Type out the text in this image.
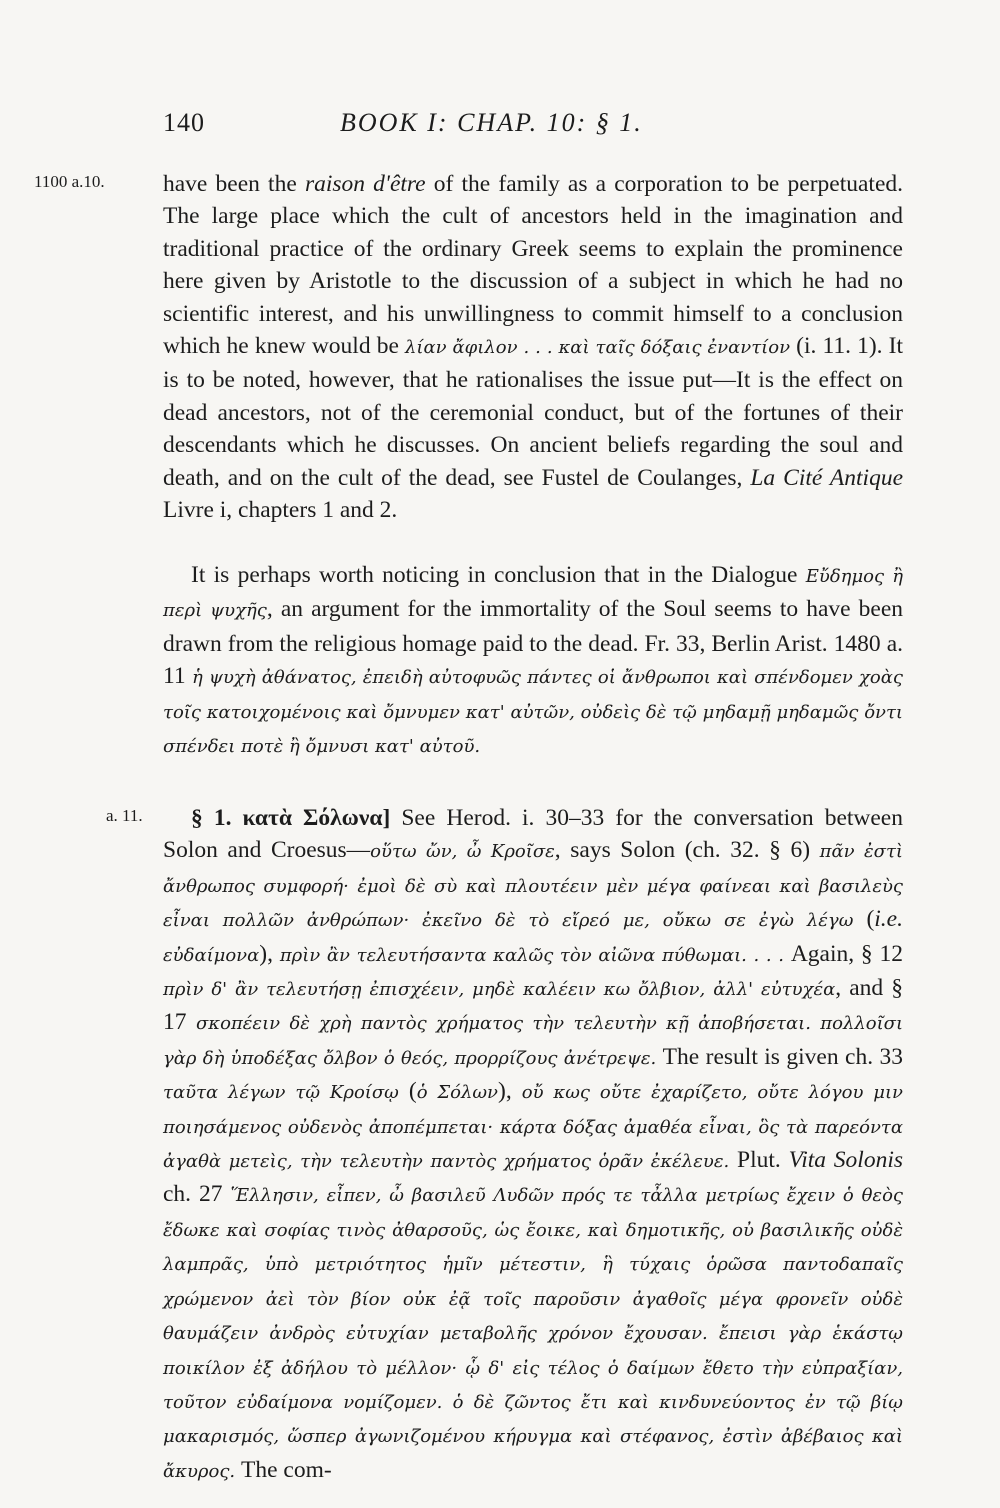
140	BOOK I: CHAP. 10: § 1.
1100 a.10.
a. 11.

have been the raison d'être of the family as a corporation to be perpetuated. The large place which the cult of ancestors held in the imagination and traditional practice of the ordinary Greek seems to explain the prominence here given by Aristotle to the discussion of a subject in which he had no scientific interest, and his unwillingness to commit himself to a conclusion which he knew would be λίαν ἄφιλον . . . καὶ ταῖς δόξαις ἐναντίον (i. 11. 1). It is to be noted, however, that he rationalises the issue put—It is the effect on dead ancestors, not of the ceremonial conduct, but of the fortunes of their descendants which he discusses. On ancient beliefs regarding the soul and death, and on the cult of the dead, see Fustel de Coulanges, La Cité Antique Livre i, chapters 1 and 2.

It is perhaps worth noticing in conclusion that in the Dialogue Εὔδημος ἢ περὶ ψυχῆς, an argument for the immortality of the Soul seems to have been drawn from the religious homage paid to the dead. Fr. 33, Berlin Arist. 1480 a. 11 ἡ ψυχὴ ἀθάνατος, ἐπειδὴ αὐτοφυῶς πάντες οἱ ἄνθρωποι καὶ σπένδομεν χοὰς τοῖς κατοιχομένοις καὶ ὄμνυμεν κατ' αὐτῶν, οὐδεὶς δὲ τῷ μηδαμῇ μηδαμῶς ὄντι σπένδει ποτὲ ἢ ὄμνυσι κατ' αὐτοῦ.

§ 1. κατὰ Σόλωνα] See Herod. i. 30–33 for the conversation between Solon and Croesus—οὕτω ὤν, ὦ Κροῖσε, says Solon (ch. 32. § 6) πᾶν ἐστὶ ἄνθρωπος συμφορή· ἐμοὶ δὲ σὺ καὶ πλουτέειν μὲν μέγα φαίνεαι καὶ βασιλεὺς εἶναι πολλῶν ἀνθρώπων· ἐκεῖνο δὲ τὸ εἴρεό με, οὔκω σε ἐγὼ λέγω (i.e. εὐδαίμονα), πρὶν ἂν τελευτήσαντα καλῶς τὸν αἰῶνα πύθωμαι. . . . Again, § 12 πρὶν δ' ἂν τελευτήσῃ ἐπισχέειν, μηδὲ καλέειν κω ὄλβιον, ἀλλ' εὐτυχέα, and § 17 σκοπέειν δὲ χρὴ παντὸς χρήματος τὴν τελευτὴν κῇ ἀποβήσεται. πολλοῖσι γὰρ δὴ ὑποδέξας ὄλβον ὁ θεός, προρρίζους ἀνέτρεψε. The result is given ch. 33 ταῦτα λέγων τῷ Κροίσῳ (ὁ Σόλων), οὔ κως οὔτε ἐχαρίζετο, οὔτε λόγου μιν ποιησάμενος οὐδενὸς ἀποπέμπεται· κάρτα δόξας ἀμαθέα εἶναι, ὃς τὰ παρεόντα ἀγαθὰ μετεὶς, τὴν τελευτὴν παντὸς χρήματος ὁρᾶν ἐκέλευε. Plut. Vita Solonis ch. 27 Ἕλλησιν, εἶπεν, ὦ βασιλεῦ Λυδῶν πρός τε τἆλλα μετρίως ἔχειν ὁ θεὸς ἔδωκε καὶ σοφίας τινὸς ἀθαρσοῦς, ὡς ἔοικε, καὶ δημοτικῆς, οὐ βασιλικῆς οὐδὲ λαμπρᾶς, ὑπὸ μετριότητος ἡμῖν μέτεστιν, ἣ τύχαις ὁρῶσα παντοδαπαῖς χρώμενον ἀεὶ τὸν βίον οὐκ ἐᾷ τοῖς παροῦσιν ἀγαθοῖς μέγα φρονεῖν οὐδὲ θαυμάζειν ἀνδρὸς εὐτυχίαν μεταβολῆς χρόνον ἔχουσαν. ἔπεισι γὰρ ἑκάστῳ ποικίλον ἐξ ἀδήλου τὸ μέλλον· ᾧ δ' εἰς τέλος ὁ δαίμων ἔθετο τὴν εὐπραξίαν, τοῦτον εὐδαίμονα νομίζομεν. ὁ δὲ ζῶντος ἔτι καὶ κινδυνεύοντος ἐν τῷ βίῳ μακαρισμός, ὥσπερ ἀγωνιζομένου κήρυγμα καὶ στέφανος, ἐστὶν ἀβέβαιος καὶ ἄκυρος. The com-
